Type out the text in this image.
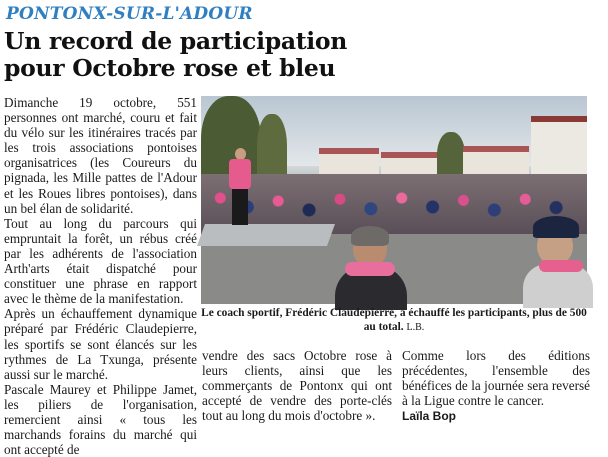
PONTONX-SUR-L'ADOUR
Un record de participation
pour Octobre rose et bleu

Dimanche 19 octobre, 551 personnes ont marché, couru et fait du vélo sur les itinéraires tracés par les trois associations pontoises organisatrices (les Coureurs du pignada, les Mille pattes de l'Adour et les Roues libres pontoises), dans un bel élan de solidarité.

Tout au long du parcours qui empruntait la forêt, un rébus créé par les adhérents de l'association Arth'arts était dispatché pour constituer une phrase en rapport avec le thème de la manifestation.

Après un échauffement dynamique préparé par Frédéric Claudepierre, les sportifs se sont élancés sur les rythmes de La Txunga, présente aussi sur le marché.

Pascale Maurey et Philippe Jamet, les piliers de l'organisation, remercient ainsi « tous les marchands forains du marché qui ont accepté de

Le coach sportif, Frédéric Claudepierre, a échauffé les participants, plus de 500 au total. L.B.

vendre des sacs Octobre rose à leurs clients, ainsi que les commerçants de Pontonx qui ont accepté de vendre des porte-clés tout au long du mois d'octobre ».

Comme lors des éditions précédentes, l'ensemble des bénéfices de la journée sera reversé à la Ligue contre le cancer.

Laïla Bop
